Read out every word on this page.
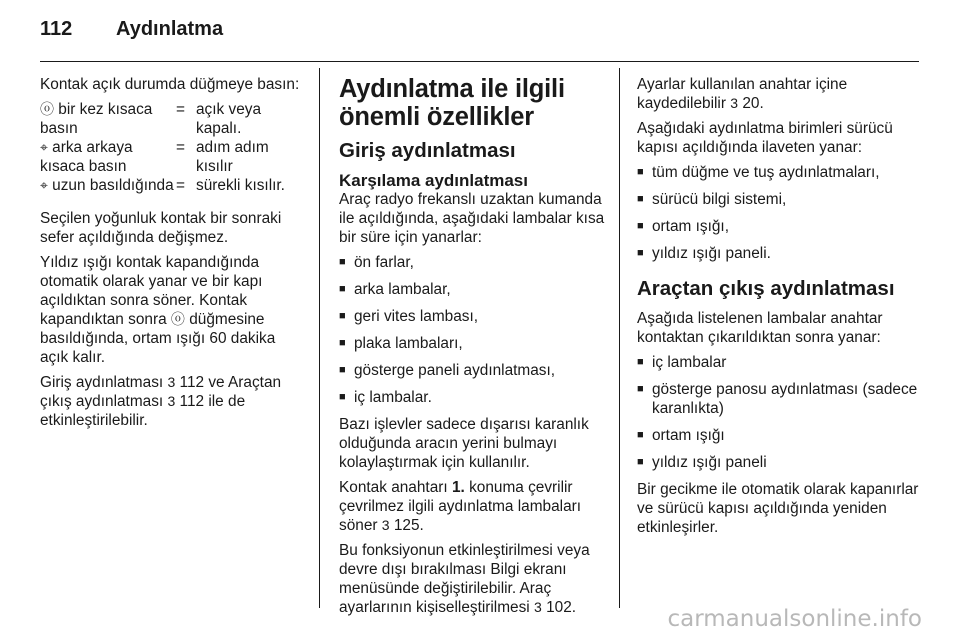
112 Aydınlatma

Kontak açık durumda düğmeye basın:

ⓞ bir kez kısaca basın	=	açık veya kapalı.
⌖ arka arkaya kısaca basın	=	adım adım kısılır
⌖ uzun basıldığında	=	sürekli kısılır.

Seçilen yoğunluk kontak bir sonraki sefer açıldığında değişmez.

Yıldız ışığı kontak kapandığında otomatik olarak yanar ve bir kapı açıldıktan sonra söner. Kontak kapandıktan sonra ⓞ düğmesine basıldığında, ortam ışığı 60 dakika açık kalır.

Giriş aydınlatması 3 112 ve Araçtan çıkış aydınlatması 3 112 ile de etkinleştirilebilir.

Aydınlatma ile ilgili önemli özellikler
Giriş aydınlatması
Karşılama aydınlatması

Araç radyo frekanslı uzaktan kumanda ile açıldığında, aşağıdaki lambalar kısa bir süre için yanarlar:

■ ön farlar,
■ arka lambalar,
■ geri vites lambası,
■ plaka lambaları,
■ gösterge paneli aydınlatması,
■ iç lambalar.

Bazı işlevler sadece dışarısı karanlık olduğunda aracın yerini bulmayı kolaylaştırmak için kullanılır.

Kontak anahtarı 1. konuma çevrilir çevrilmez ilgili aydınlatma lambaları söner 3 125.

Bu fonksiyonun etkinleştirilmesi veya devre dışı bırakılması Bilgi ekranı menüsünde değiştirilebilir. Araç ayarlarının kişiselleştirilmesi 3 102.

Ayarlar kullanılan anahtar içine kaydedilebilir 3 20.

Aşağıdaki aydınlatma birimleri sürücü kapısı açıldığında ilaveten yanar:

■ tüm düğme ve tuş aydınlatmaları,
■ sürücü bilgi sistemi,
■ ortam ışığı,
■ yıldız ışığı paneli.
Araçtan çıkış aydınlatması

Aşağıda listelenen lambalar anahtar kontaktan çıkarıldıktan sonra yanar:

■ iç lambalar
■ gösterge panosu aydınlatması (sadece karanlıkta)
■ ortam ışığı
■ yıldız ışığı paneli

Bir gecikme ile otomatik olarak kapanırlar ve sürücü kapısı açıldığında yeniden etkinleşirler.

carmanualsonline.info
